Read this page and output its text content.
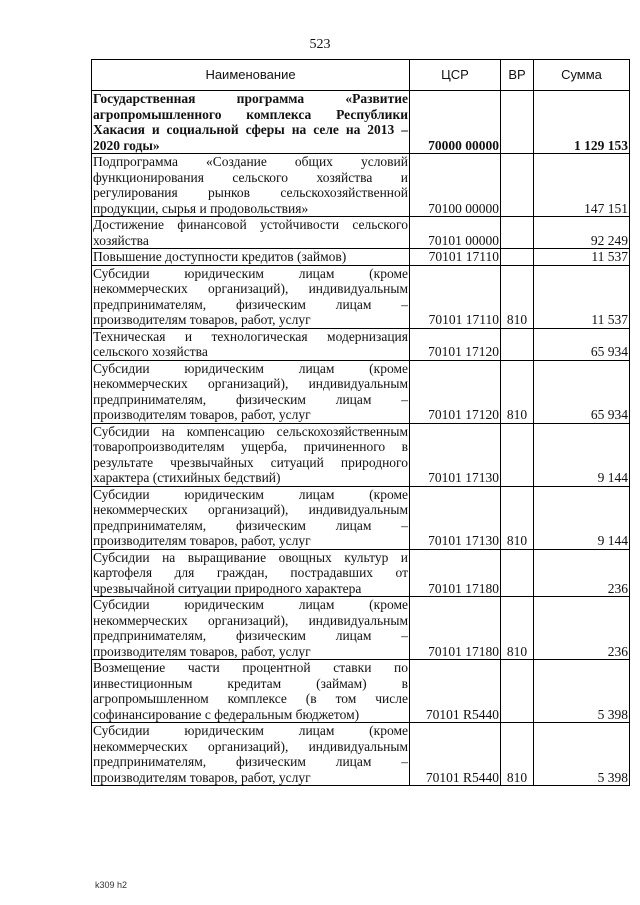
523
Наименование	ЦСР	ВР	Сумма
Государственная программа «Развитие агропромышленного комплекса Республики Хакасия и социальной сферы на селе на 2013 – 2020 годы»	70000 00000		1 129 153
Подпрограмма «Создание общих условий функционирования сельского хозяйства и регулирования рынков сельскохозяйственной продукции, сырья и продовольствия»	70100 00000		147 151
Достижение финансовой устойчивости сельского хозяйства	70101 00000		92 249
Повышение доступности кредитов (займов)	70101 17110		11 537
Субсидии юридическим лицам (кроме некоммерческих организаций), индивидуальным предпринимателям, физическим лицам – производителям товаров, работ, услуг	70101 17110	810	11 537
Техническая и технологическая модернизация сельского хозяйства	70101 17120		65 934
Субсидии юридическим лицам (кроме некоммерческих организаций), индивидуальным предпринимателям, физическим лицам – производителям товаров, работ, услуг	70101 17120	810	65 934
Субсидии на компенсацию сельскохозяйственным товаропроизводителям ущерба, причиненного в результате чрезвычайных ситуаций природного характера (стихийных бедствий)	70101 17130		9 144
Субсидии юридическим лицам (кроме некоммерческих организаций), индивидуальным предпринимателям, физическим лицам – производителям товаров, работ, услуг	70101 17130	810	9 144
Субсидии на выращивание овощных культур и картофеля для граждан, пострадавших от чрезвычайной ситуации природного характера	70101 17180		236
Субсидии юридическим лицам (кроме некоммерческих организаций), индивидуальным предпринимателям, физическим лицам – производителям товаров, работ, услуг	70101 17180	810	236
Возмещение части процентной ставки по инвестиционным кредитам (займам) в агропромышленном комплексе (в том числе софинансирование с федеральным бюджетом)	70101 R5440		5 398
Субсидии юридическим лицам (кроме некоммерческих организаций), индивидуальным предпринимателям, физическим лицам – производителям товаров, работ, услуг	70101 R5440	810	5 398
k309 h2
